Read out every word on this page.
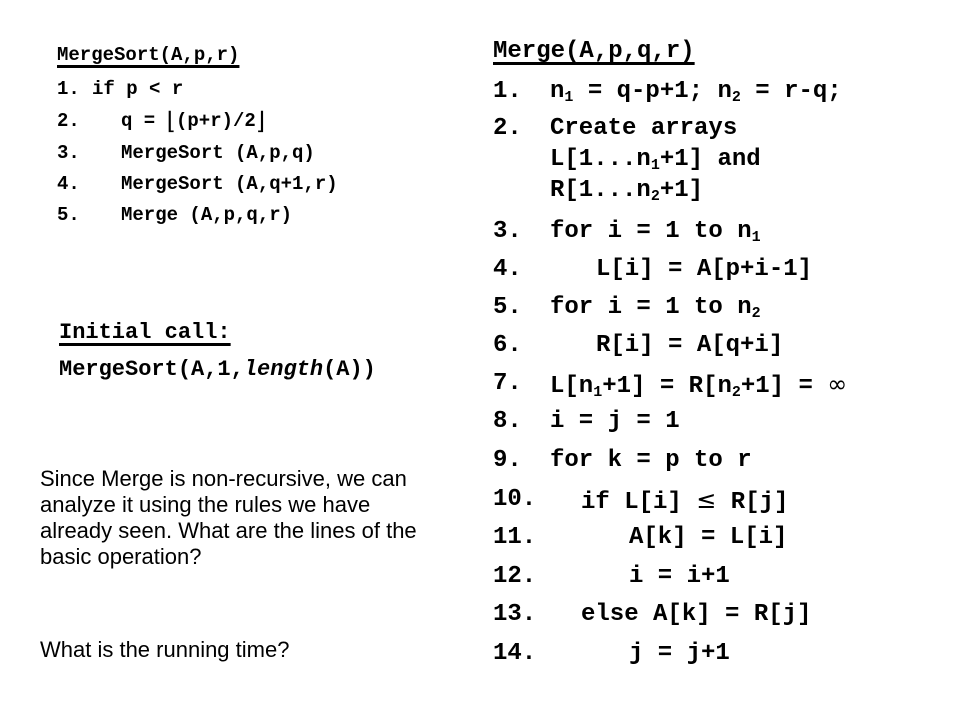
MergeSort(A,p,r)
1. if p < r
2. q = ⌊(p+r)/2⌋
3. MergeSort (A,p,q)
4. MergeSort (A,q+1,r)
5. Merge (A,p,q,r)
Initial call:
MergeSort(A,1,length(A))
Since Merge is non-recursive, we can analyze it using the rules we have already seen. What are the lines of the basic operation?
What is the running time?
Merge(A,p,q,r)
1. $n_1 = q-p+1$; $n_2 = r-q$;
2. Create arrays
$L[1...n_1+1]$ and
$R[1...n_2+1]$
3. for i = 1 to $n_1$
4.	L[i] = A[p+i-1]
5. for i = 1 to $n_2$
6.	R[i] = A[q+i]
7. $L[n_1+1] = R[n_2+1]$ = ∞
8. i = j = 1
9. for k = p to r
10. if L[i] ≤ R[j]
11.	A[k] = L[i]
12.	i = i+1
13. else A[k] = R[j]
14.	j = j+1
